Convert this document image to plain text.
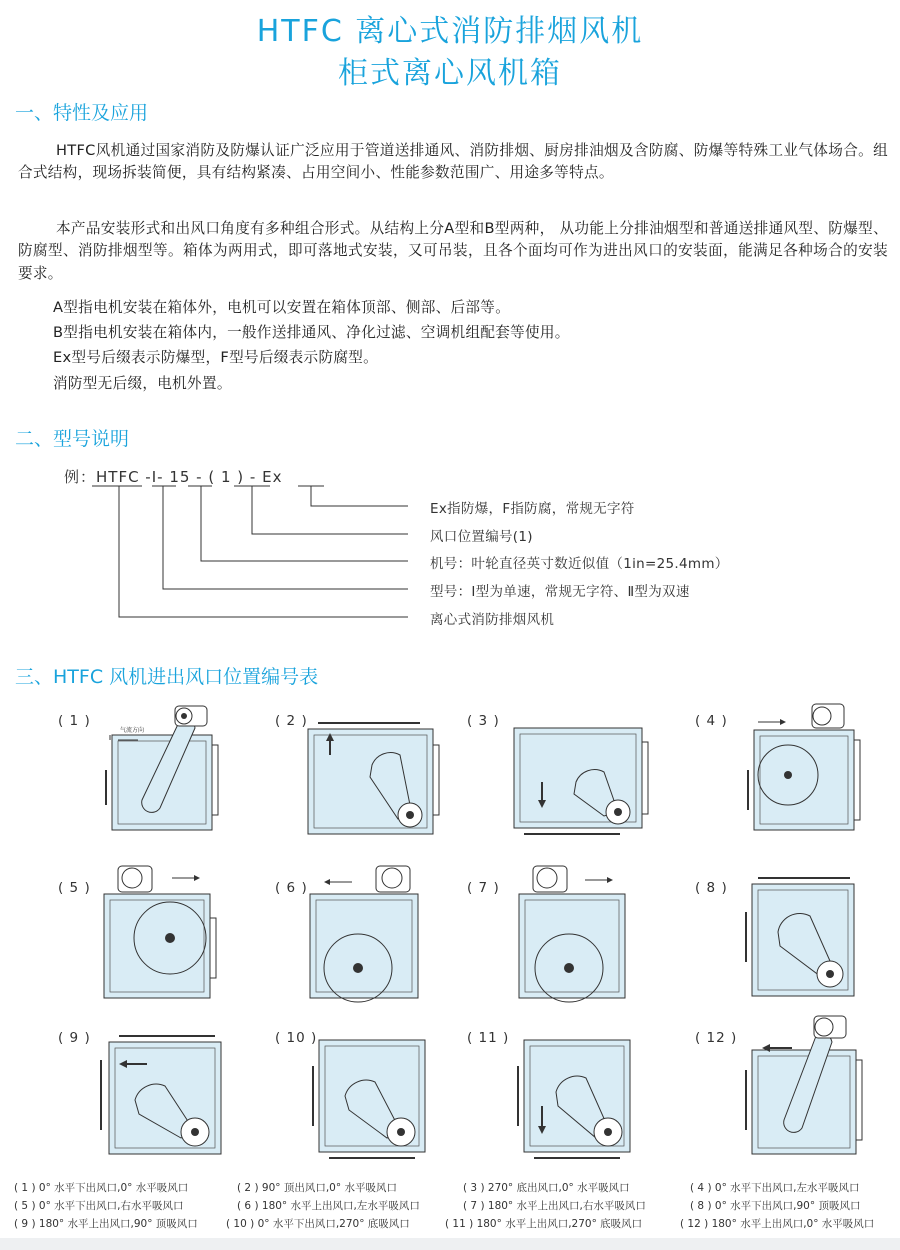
HTFC 离心式消防排烟风机
柜式离心风机箱
一、特性及应用
HTFC风机通过国家消防及防爆认证广泛应用于管道送排通风、消防排烟、厨房排油烟及含防腐、防爆等特殊工业气体场合。组合式结构，现场拆装简便，具有结构紧凑、占用空间小、性能参数范围广、用途多等特点。
本产品安装形式和出风口角度有多种组合形式。从结构上分A型和B型两种， 从功能上分排油烟型和普通送排通风型、防爆型、防腐型、消防排烟型等。箱体为两用式，即可落地式安装，又可吊装，且各个面均可作为进出风口的安装面，能满足各种场合的安装要求。
A型指电机安装在箱体外，电机可以安置在箱体顶部、侧部、后部等。
B型指电机安装在箱体内，一般作送排通风、净化过滤、空调机组配套等使用。
Ex型号后缀表示防爆型，F型号后缀表示防腐型。
消防型无后缀，电机外置。
二、型号说明
例：HTFC -Ⅰ- 15 - ( 1 ) - Ex
Ex指防爆，F指防腐，常规无字符
风口位置编号(1)
机号：叶轮直径英寸数近似值（1in=25.4mm）
型号：Ⅰ型为单速，常规无字符、Ⅱ型为双速
离心式消防排烟风机
三、HTFC 风机进出风口位置编号表
( 1 )	( 2 )	( 3 )	( 4 )
( 5 )	( 6 )	( 7 )	( 8 )
( 9 )	( 10 )	( 11 )	( 12 )
气流方向
( 1 ) 0° 水平下出风口,0° 水平吸风口	( 2 ) 90° 顶出风口,0° 水平吸风口	( 3 ) 270° 底出风口,0° 水平吸风口	( 4 ) 0° 水平下出风口,左水平吸风口
( 5 ) 0° 水平下出风口,右水平吸风口	( 6 ) 180° 水平上出风口,左水平吸风口	( 7 ) 180° 水平上出风口,右水平吸风口	( 8 ) 0° 水平下出风口,90° 顶吸风口
( 9 ) 180° 水平上出风口,90° 顶吸风口	( 10 ) 0° 水平下出风口,270° 底吸风口	( 11 ) 180° 水平上出风口,270° 底吸风口	( 12 ) 180° 水平上出风口,0° 水平吸风口
